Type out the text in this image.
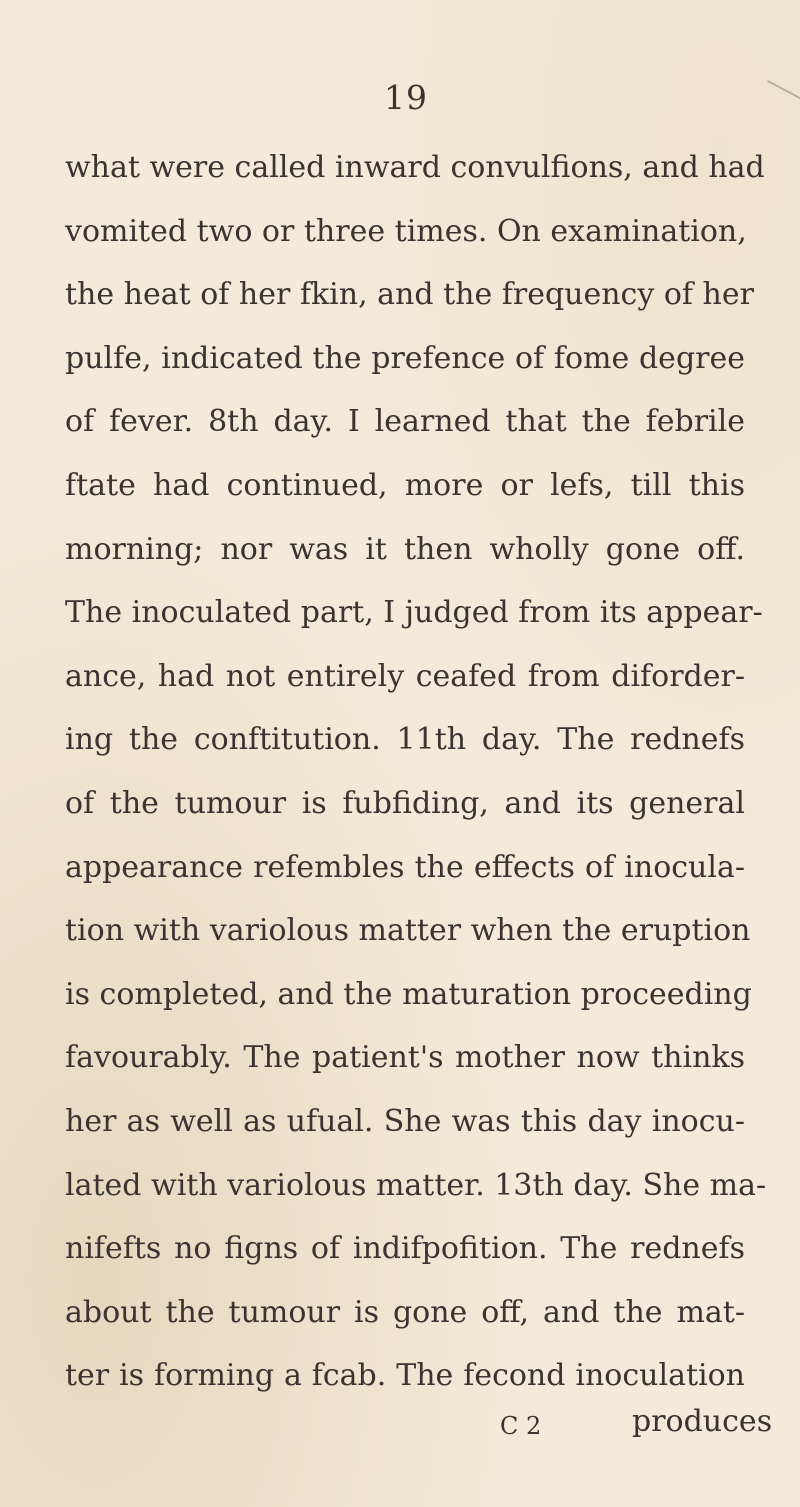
19
what were called inward convulfions, and had
vomited two or three times. On examination,
the heat of her fkin, and the frequency of her
pulfe, indicated the prefence of fome degree
of fever. 8th day. I learned that the febrile
ftate had continued, more or lefs, till this
morning; nor was it then wholly gone off.
The inoculated part, I judged from its appear-
ance, had not entirely ceafed from diforder-
ing the conftitution. 11th day. The rednefs
of the tumour is fubfiding, and its general
appearance refembles the effects of inocula-
tion with variolous matter when the eruption
is completed, and the maturation proceeding
favourably. The patient's mother now thinks
her as well as ufual. She was this day inocu-
lated with variolous matter. 13th day. She ma-
nifefts no figns of indifpofition. The rednefs
about the tumour is gone off, and the mat-
ter is forming a fcab. The fecond inoculation
C 2	produces
